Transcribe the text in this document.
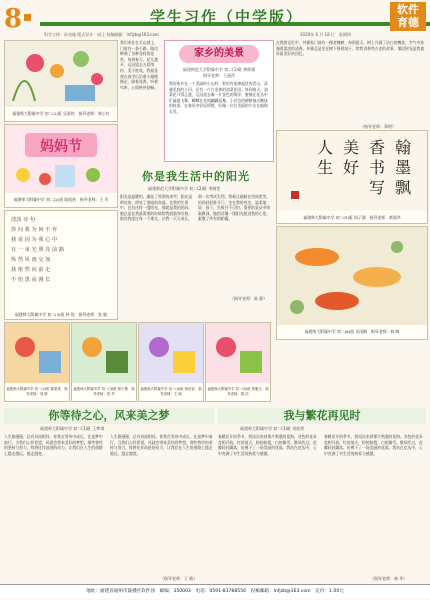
8	学生习作（中学版）	软件
育德
科学主持：孙良瑜 版式设计：网上 投稿邮箱：lnfjzb@163.com	2020年 6 月 18 日　星期四
福建师大附属中学 初二(1)班 吴嘉怡　指导老师：林小红
我们家住在半山坡上，门前有一条小路，路边种满了各种各样的花草。每到春天，花儿盛开，远远望去五彩缤纷，美不胜收。我最喜欢在放学后沿着小路慢慢走，闻着花香，听着鸟叫，心情格外舒畅。
妈妈节
福建师大附属中学 初二(2)班 陈欣怡　指导老师：王 芳
淡淡 诗 句
你 问 我 为 何 不 弃
我 说 因 为 我 心 中
有 一 束 光 照 亮 前 路
纵 然 风 雨 交 加
我 依 然 向 前 走
不 怕 黑 夜 漫 长
福建师大附属中学 初二(3)班 林 悦　指导老师：张 敏
家乡的美景
福建师范大学附属中学 初二(1)班 黄梓涵
指导老师：王丽萍
我的家乡在一个美丽的小山村，那里有连绵起伏的青山，清澈见底的小河，还有一片片金黄的油菜花田。每到春天，油菜花开得正盛，远远望去像一片金色的海洋，蜜蜂在花丛中忙碌地飞舞，蝴蝶在花间翩翩起舞。小河边的柳树抽出嫩绿的枝条，在春风中轻轻摇摆，好像一位位美丽的少女在梳理长发。
在我的记忆中，外婆家门前有一棵老槐树，每到夏天，树上开满了洁白的槐花，空气中弥漫着淡淡的清香。外婆总是坐在树下摇着扇子，给我讲那些古老的故事，那段时光是我童年最美好的回忆。
（指导老师：郑明）
你是我生活中的阳光
福建师范大学附属中学 初二(2)班 李晓雯
阳光是温暖的，融化了厚厚的冰雪；阳光是明亮的，照亮了黑暗的角落。在我的生命中，也有这样一缕阳光，那就是我的妈妈。她总是在我最需要的时候给我鼓励和支持，陪伴我度过每一个难关，让我一天天成长。
那一次考试失利，我难过地躲在房间里哭。妈妈轻轻推开门，坐在我的身边，温柔地说：孩子，失败并不可怕，重要的是从中吸取教训。她的话像一缕阳光照进我的心里，驱散了所有的阴霾。
（指导老师：陈 静）
翰
墨
飘
香
书
写
美
好
人
生
福建师大附属中学 初二(5)班 周子涵　指导老师：黄丽华
福建师大附属中学 初二(6)班 吴雨桐　指导老师：林 峰
福建师大附属中学 初一(2)班 陈思琪　指导老师：刘 敏
福建师大附属中学 初一(3)班 林子墨　指导老师：张 华
福建师大附属中学 初一(4)班 黄佳怡　指导老师：王 丽
福建师大附属中学 初一(5)班 郑雅文　指导老师：陈 洁
你等待之心，风来美之梦
福建师大附属中学 初二(1)班 王梦琪
人生路漫漫，总有风雨相伴。你我在等待中成长，在追梦中前行。当我们心怀希望，风就会带来美好的梦想。那些曾经的坚持与努力，终将化作前进的动力，让我们在人生的道路上越走越远，越走越宽。
人生路漫漫，总有风雨相伴。你我在等待中成长，在追梦中前行。当我们心怀希望，风就会带来美好的梦想。那些曾经的坚持与努力，终将化作前进的动力，让我们在人生的道路上越走越远，越走越宽。
（指导老师：王 敏）
我与繁花再见时
福建师大附属中学 初二(3)班 刘欣然
春暖花开的季节，我再次来到那片熟悉的花海。各色的花朵竞相开放，红的似火，粉的如霞，白的像雪。微风吹过，花瓣轻轻飘落，仿佛下了一场美丽的花雨。我站在花丛中，心中充满了对生活的热爱与感激。
春暖花开的季节，我再次来到那片熟悉的花海。各色的花朵竞相开放，红的似火，粉的如霞，白的像雪。微风吹过，花瓣轻轻飘落，仿佛下了一场美丽的花雨。我站在花丛中，心中充满了对生活的热爱与感激。
（指导老师：林 华）
地址：福建省福州市鼓楼区软件园　邮编：350003　电话：0591-83788556　投稿邮箱：lnfjzb@163.com　定价：1.00元
